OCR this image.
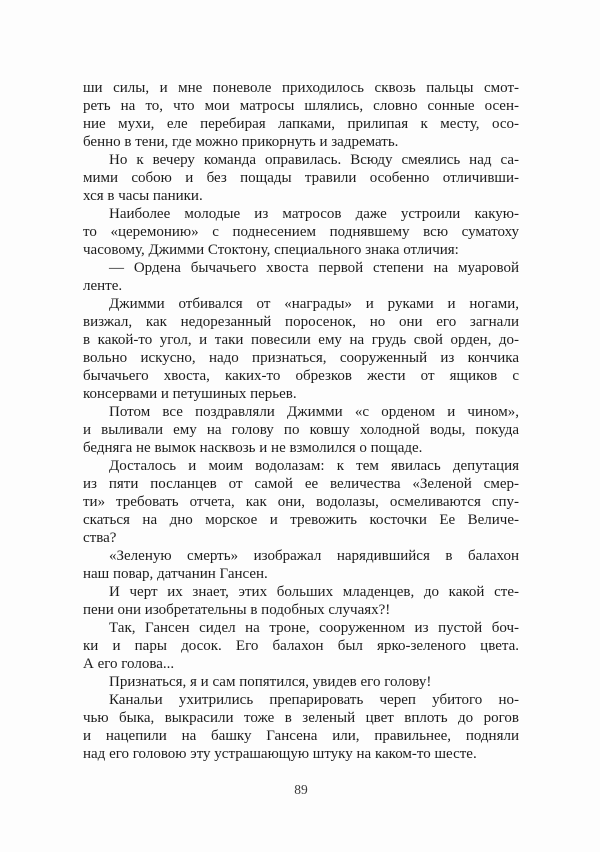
ши силы, и мне поневоле приходилось сквозь пальцы смот-
реть на то, что мои матросы шлялись, словно сонные осен-
ние мухи, еле перебирая лапками, прилипая к месту, осо-
бенно в тени, где можно прикорнуть и задремать.
Но к вечеру команда оправилась. Всюду смеялись над са-
мими собою и без пощады травили особенно отличивши-
хся в часы паники.
Наиболее молодые из матросов даже устроили какую-
то «церемонию» с поднесением поднявшему всю суматоху
часовому, Джимми Стоктону, специального знака отличия:
— Ордена бычачьего хвоста первой степени на муаровой
ленте.
Джимми отбивался от «награды» и руками и ногами,
визжал, как недорезанный поросенок, но они его загнали
в какой-то угол, и таки повесили ему на грудь свой орден, до-
вольно искусно, надо признаться, сооруженный из кончика
бычачьего хвоста, каких-то обрезков жести от ящиков с
консервами и петушиных перьев.
Потом все поздравляли Джимми «с орденом и чином»,
и выливали ему на голову по ковшу холодной воды, покуда
бедняга не вымок насквозь и не взмолился о пощаде.
Досталось и моим водолазам: к тем явилась депутация
из пяти посланцев от самой ее величества «Зеленой смер-
ти» требовать отчета, как они, водолазы, осмеливаются спу-
скаться на дно морское и тревожить косточки Ее Величе-
ства?
«Зеленую смерть» изображал нарядившийся в балахон
наш повар, датчанин Гансен.
И черт их знает, этих больших младенцев, до какой сте-
пени они изобретательны в подобных случаях?!
Так, Гансен сидел на троне, сооруженном из пустой боч-
ки и пары досок. Его балахон был ярко-зеленого цвета.
А его голова...
Признаться, я и сам попятился, увидев его голову!
Канальи ухитрились препарировать череп убитого но-
чью быка, выкрасили тоже в зеленый цвет вплоть до рогов
и нацепили на башку Гансена или, правильнее, подняли
над его головою эту устрашающую штуку на каком-то шесте.
89
